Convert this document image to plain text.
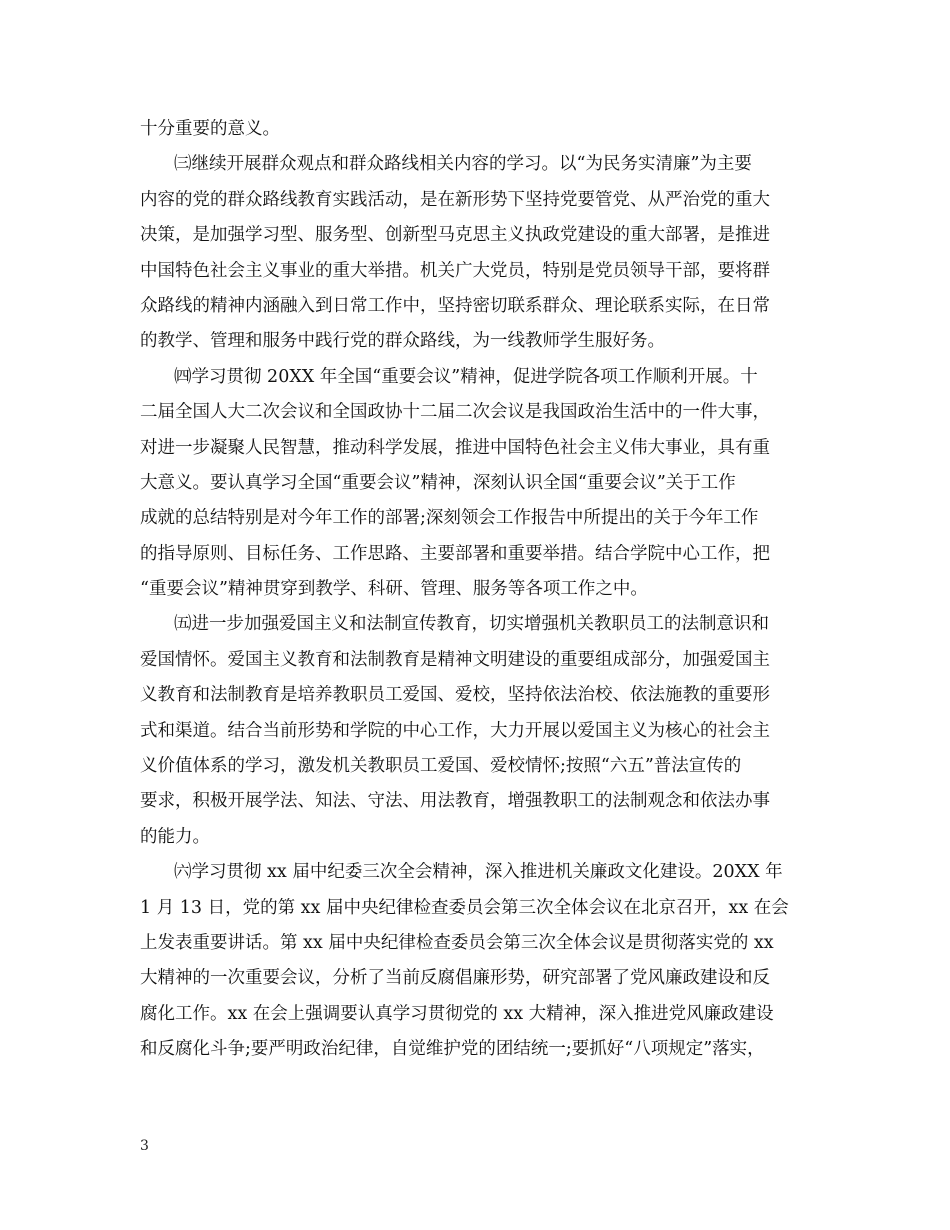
十分重要的意义。
㈢继续开展群众观点和群众路线相关内容的学习。以“为民务实清廉”为主要
内容的党的群众路线教育实践活动，是在新形势下坚持党要管党、从严治党的重大
决策，是加强学习型、服务型、创新型马克思主义执政党建设的重大部署，是推进
中国特色社会主义事业的重大举措。机关广大党员，特别是党员领导干部，要将群
众路线的精神内涵融入到日常工作中，坚持密切联系群众、理论联系实际，在日常
的教学、管理和服务中践行党的群众路线，为一线教师学生服好务。
㈣学习贯彻 20XX 年全国“重要会议”精神，促进学院各项工作顺利开展。十
二届全国人大二次会议和全国政协十二届二次会议是我国政治生活中的一件大事，
对进一步凝聚人民智慧，推动科学发展，推进中国特色社会主义伟大事业，具有重
大意义。要认真学习全国“重要会议”精神，深刻认识全国“重要会议”关于工作
成就的总结特别是对今年工作的部署;深刻领会工作报告中所提出的关于今年工作
的指导原则、目标任务、工作思路、主要部署和重要举措。结合学院中心工作，把
“重要会议”精神贯穿到教学、科研、管理、服务等各项工作之中。
㈤进一步加强爱国主义和法制宣传教育，切实增强机关教职员工的法制意识和
爱国情怀。爱国主义教育和法制教育是精神文明建设的重要组成部分，加强爱国主
义教育和法制教育是培养教职员工爱国、爱校，坚持依法治校、依法施教的重要形
式和渠道。结合当前形势和学院的中心工作，大力开展以爱国主义为核心的社会主
义价值体系的学习，激发机关教职员工爱国、爱校情怀;按照“六五”普法宣传的
要求，积极开展学法、知法、守法、用法教育，增强教职工的法制观念和依法办事
的能力。
㈥学习贯彻 xx 届中纪委三次全会精神，深入推进机关廉政文化建设。20XX 年
1 月 13 日，党的第 xx 届中央纪律检查委员会第三次全体会议在北京召开，xx 在会
上发表重要讲话。第 xx 届中央纪律检查委员会第三次全体会议是贯彻落实党的 xx
大精神的一次重要会议，分析了当前反腐倡廉形势，研究部署了党风廉政建设和反
腐化工作。xx 在会上强调要认真学习贯彻党的 xx 大精神，深入推进党风廉政建设
和反腐化斗争;要严明政治纪律，自觉维护党的团结统一;要抓好“八项规定”落实，
3
